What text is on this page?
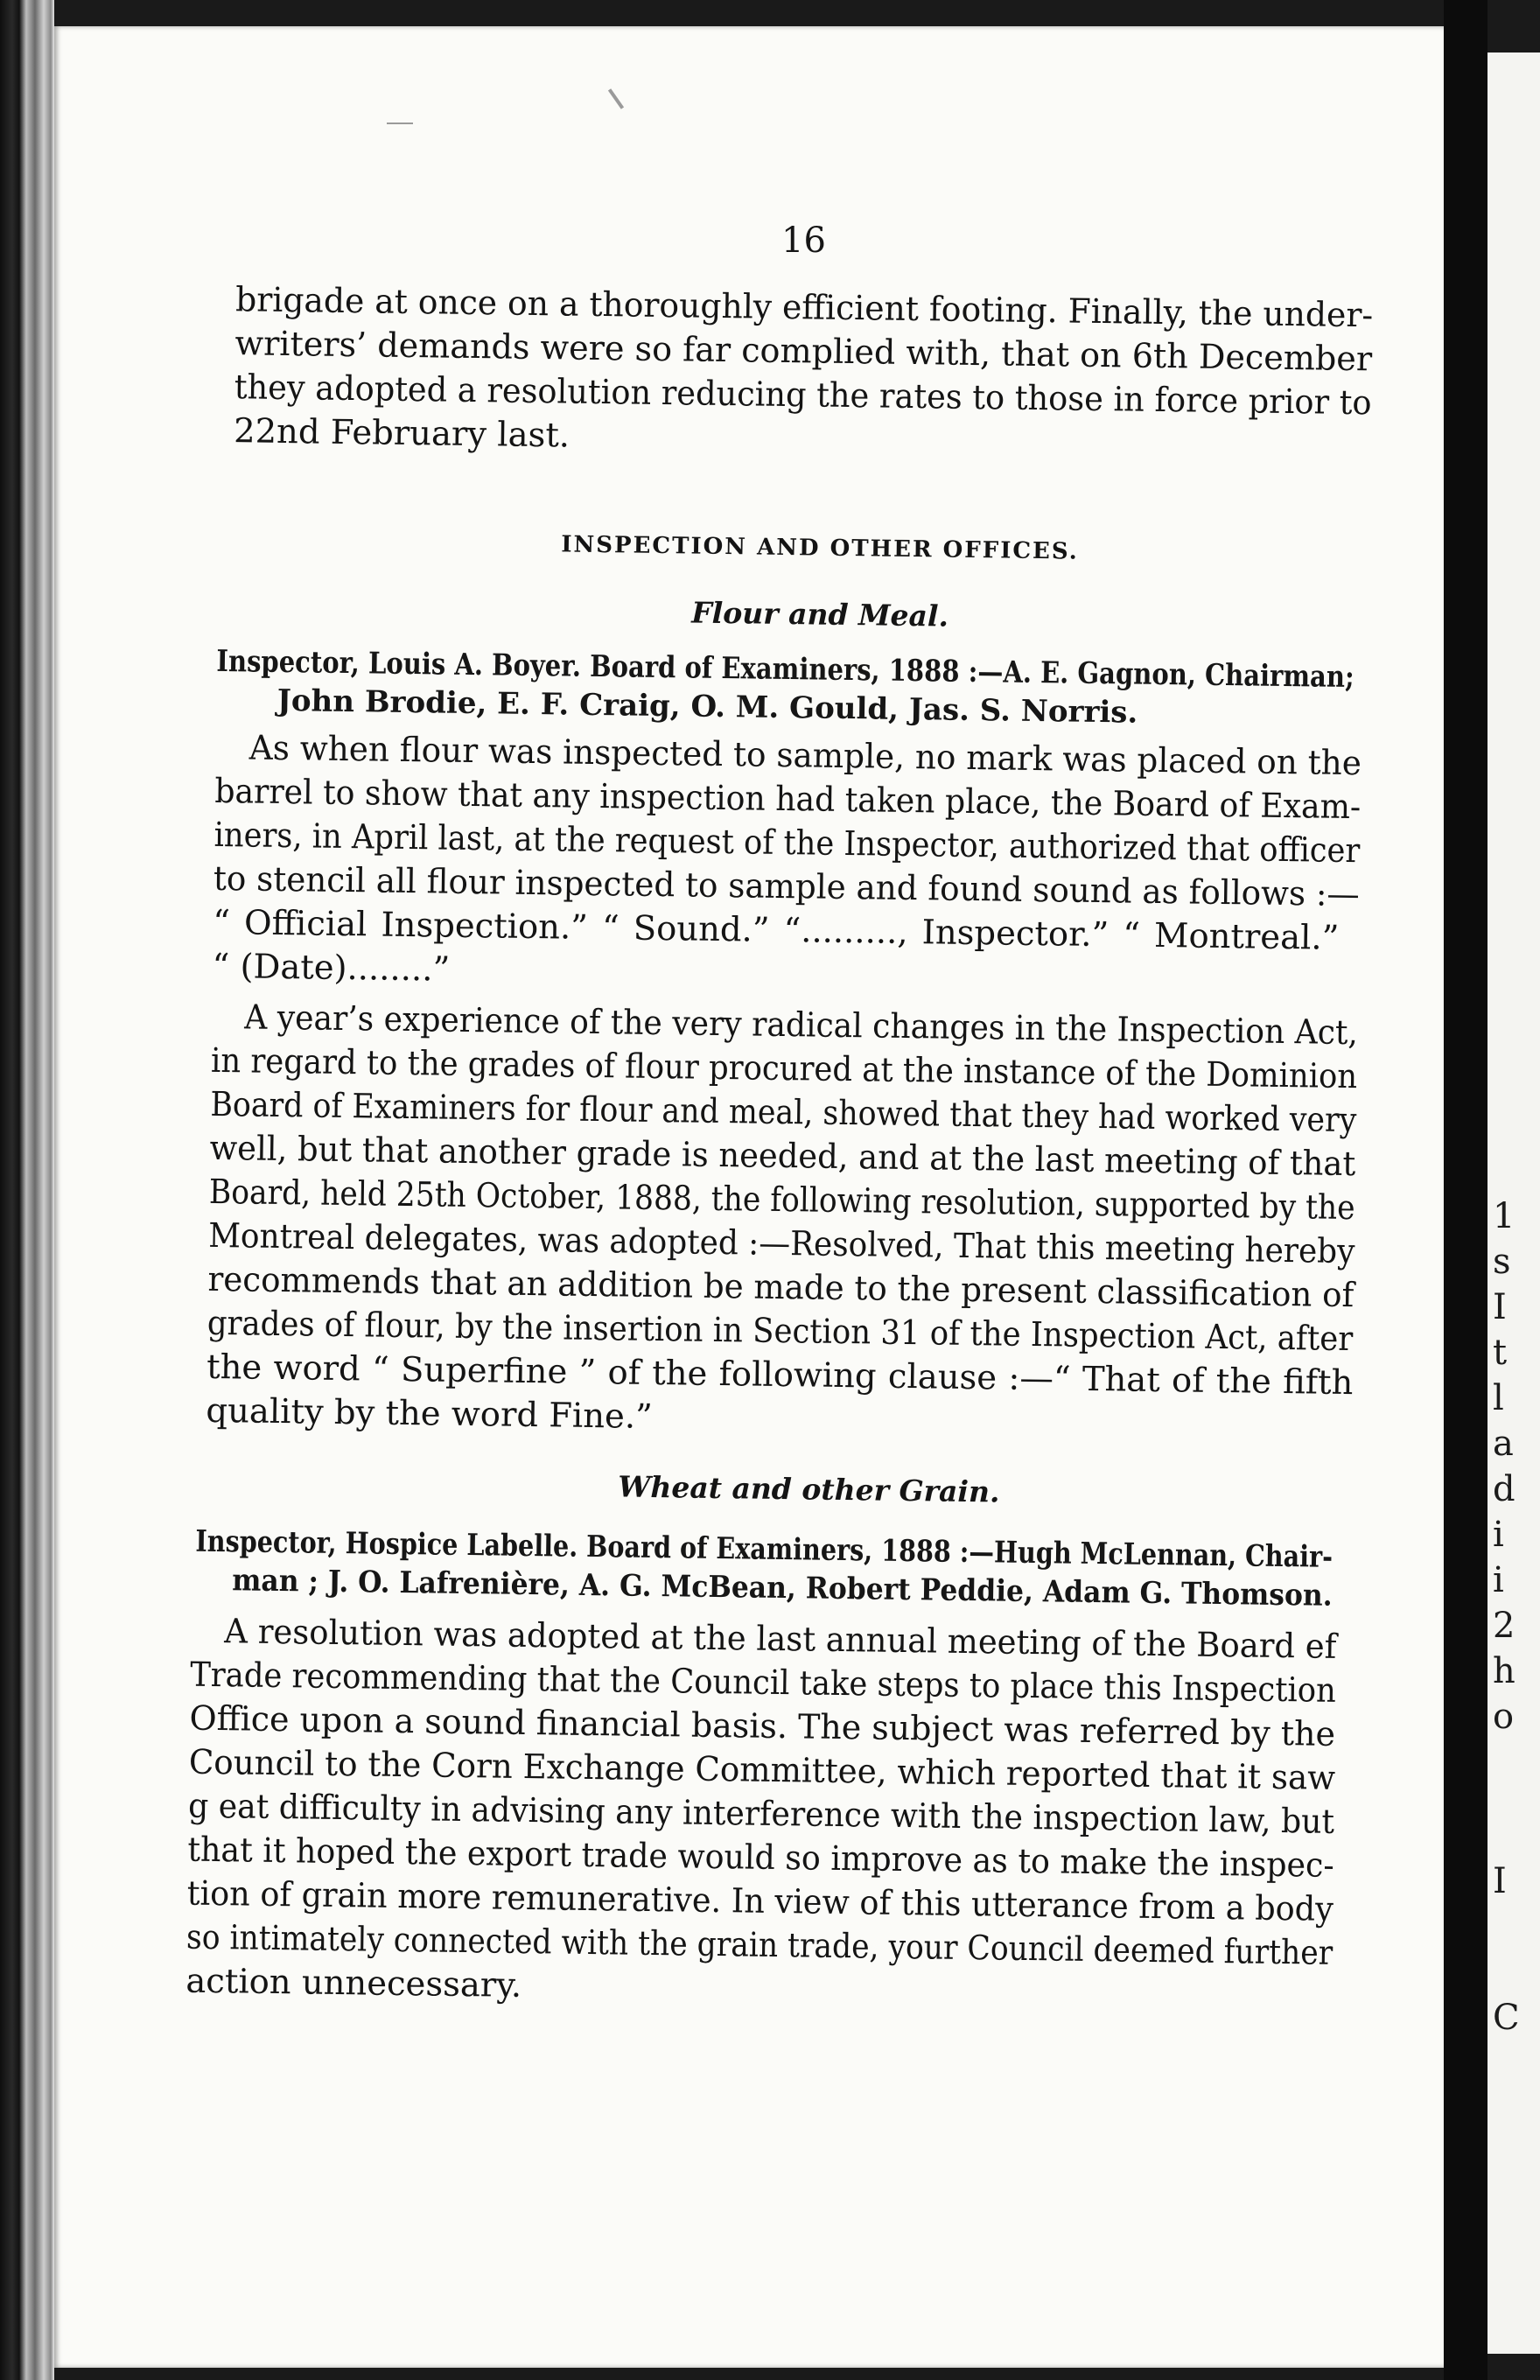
1
s
I
t
l
a
d
i
i
2
h
o
I
C
16
brigade at once on a thoroughly efficient footing. Finally, the under-
writers’ demands were so far complied with, that on 6th December
they adopted a resolution reducing the rates to those in force prior to
22nd February last.
INSPECTION AND OTHER OFFICES.
Flour and Meal.
Inspector, Louis A. Boyer. Board of Examiners, 1888 :—A. E. Gagnon, Chairman;
John Brodie, E. F. Craig, O. M. Gould, Jas. S. Norris.
As when flour was inspected to sample, no mark was placed on the
barrel to show that any inspection had taken place, the Board of Exam-
iners, in April last, at the request of the Inspector, authorized that officer
to stencil all flour inspected to sample and found sound as follows :—
“ Official Inspection.” “ Sound.” “........., Inspector.” “ Montreal.”
“ (Date)........”
A year’s experience of the very radical changes in the Inspection Act,
in regard to the grades of flour procured at the instance of the Dominion
Board of Examiners for flour and meal, showed that they had worked very
well, but that another grade is needed, and at the last meeting of that
Board, held 25th October, 1888, the following resolution, supported by the
Montreal delegates, was adopted :—Resolved, That this meeting hereby
recommends that an addition be made to the present classification of
grades of flour, by the insertion in Section 31 of the Inspection Act, after
the word “ Superfine ” of the following clause :—“ That of the fifth
quality by the word Fine.”
Wheat and other Grain.
Inspector, Hospice Labelle. Board of Examiners, 1888 :—Hugh McLennan, Chair-
man ; J. O. Lafrenière, A. G. McBean, Robert Peddie, Adam G. Thomson.
A resolution was adopted at the last annual meeting of the Board ef
Trade recommending that the Council take steps to place this Inspection
Office upon a sound financial basis. The subject was referred by the
Council to the Corn Exchange Committee, which reported that it saw
g eat difficulty in advising any interference with the inspection law, but
that it hoped the export trade would so improve as to make the inspec-
tion of grain more remunerative. In view of this utterance from a body
so intimately connected with the grain trade, your Council deemed further
action unnecessary.
